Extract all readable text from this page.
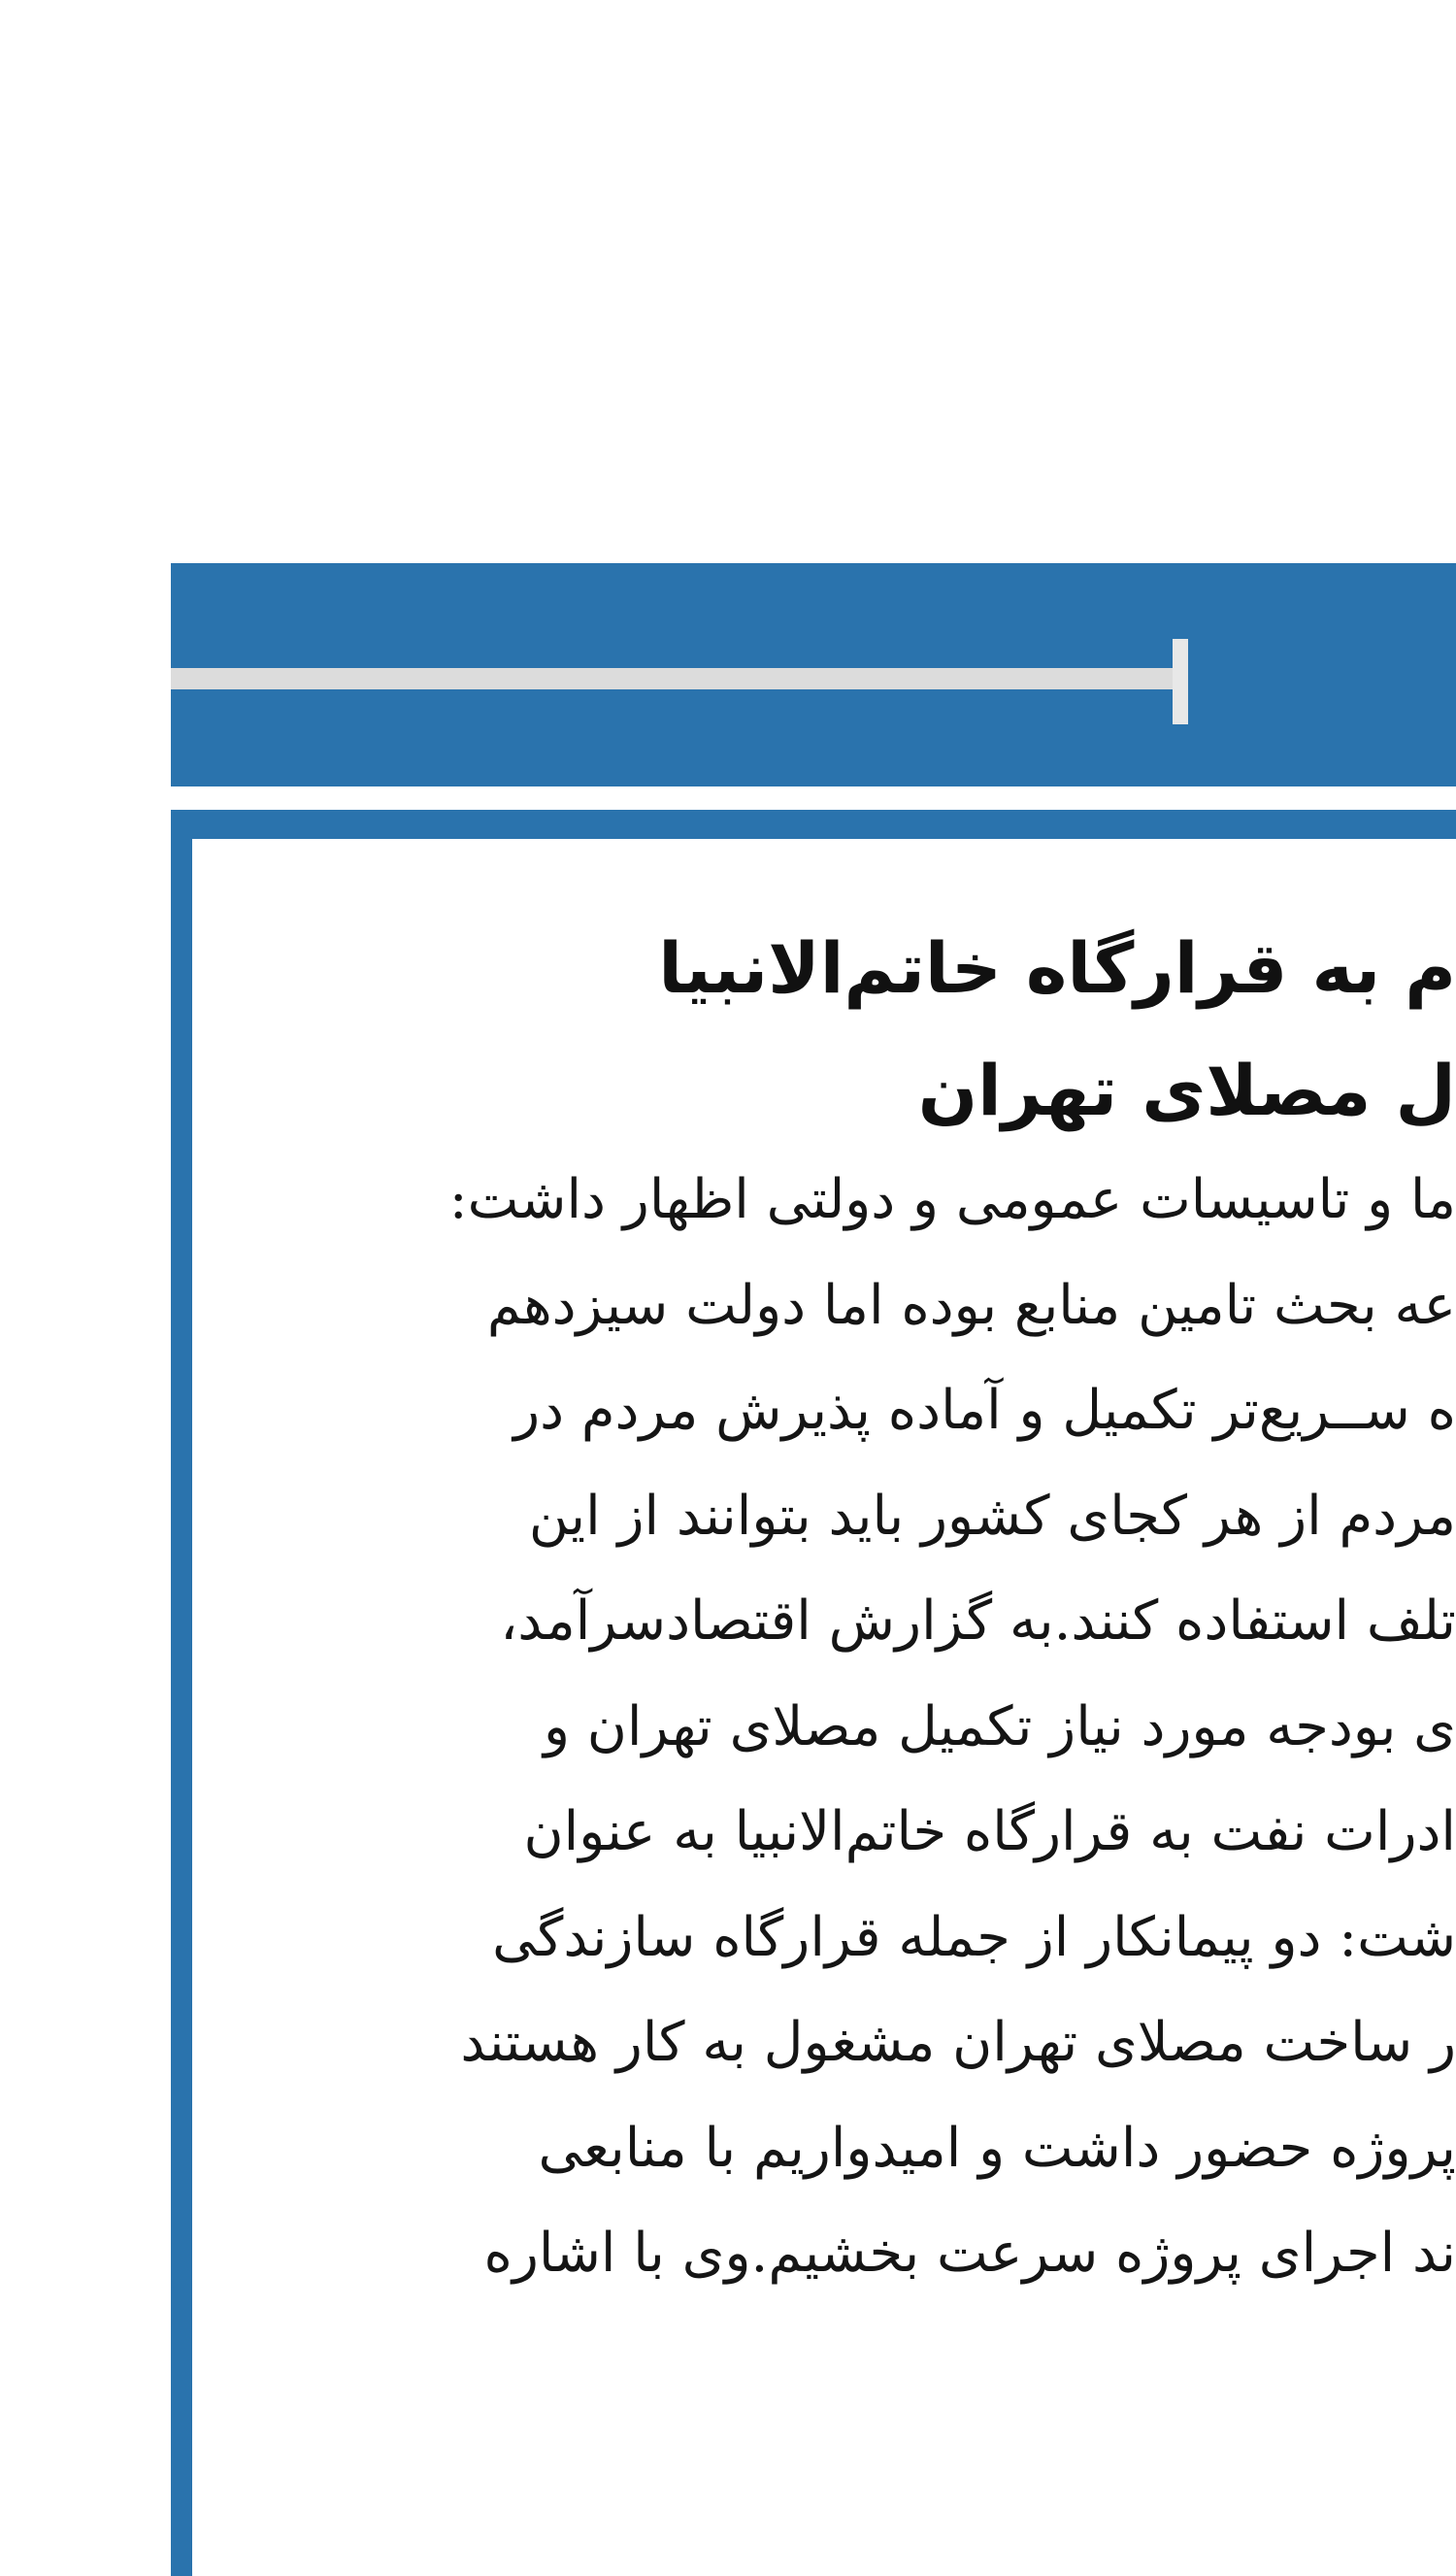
م به قرارگاه خاتم‌الانبیا
ل مصلای تهران
ما و تاسیسات عمومی و دولتی اظهار داشت:
عه بحث تامین منابع بوده اما دولت سیزدهم
ه ســریع‌تر تکمیل و آماده پذیرش مردم در
مردم از هر کجای کشور باید بتوانند از این
تلف استفاده کنند.به گزارش اقتصادسرآمد،
ی بودجه مورد نیاز تکمیل مصلای تهران و
ادرات نفت به قرارگاه خاتم‌الانبیا به عنوان
شت: دو پیمانکار از جمله قرارگاه سازندگی
ر ساخت مصلای تهران مشغول به کار هستند
پروژه حضور داشت و امیدواریم با منابعی
ند اجرای پروژه سرعت بخشیم.وی با اشاره
